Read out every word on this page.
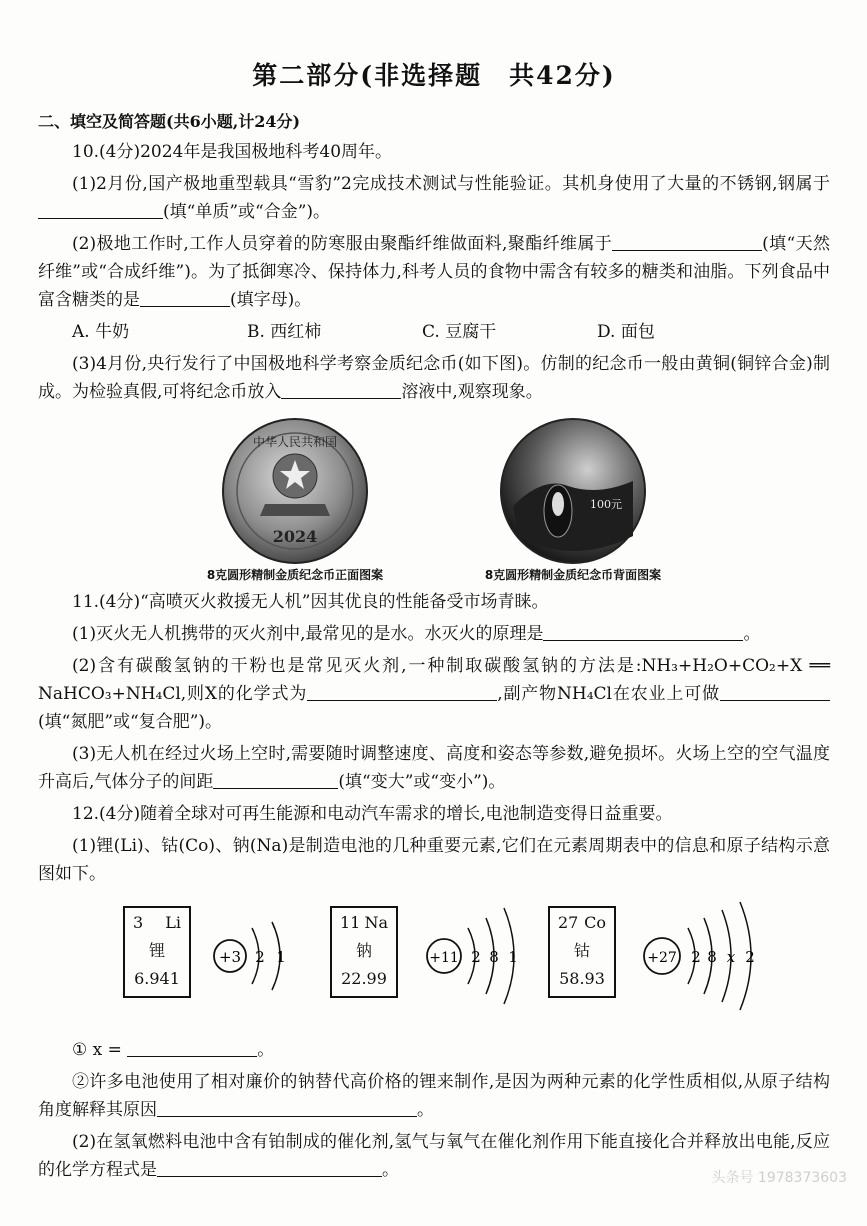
第二部分(非选择题　共42分)
二、填空及简答题(共6小题,计24分)

10.(4分)2024年是我国极地科考40周年。

(1)2月份,国产极地重型载具“雪豹”2完成技术测试与性能验证。其机身使用了大量的不锈钢,钢属于(填“单质”或“合金”)。

(2)极地工作时,工作人员穿着的防寒服由聚酯纤维做面料,聚酯纤维属于	(填“天然纤维”或“合成纤维”)。为了抵御寒冷、保持体力,科考人员的食物中需含有较多的糖类和油脂。下列食品中富含糖类的是	(填字母)。

A. 牛奶	B. 西红柿	C. 豆腐干	D. 面包

(3)4月份,央行发行了中国极地科学考察金质纪念币(如下图)。仿制的纪念币一般由黄铜(铜锌合金)制成。为检验真假,可将纪念币放入	溶液中,观察现象。

2024
中华人民共和国
8克圆形精制金质纪念币正面图案
100元
8克圆形精制金质纪念币背面图案

11.(4分)“高喷灭火救援无人机”因其优良的性能备受市场青睐。

(1)灭火无人机携带的灭火剂中,最常见的是水。水灭火的原理是	。

(2)含有碳酸氢钠的干粉也是常见灭火剂,一种制取碳酸氢钠的方法是:NH₃+H₂O+CO₂+X ══ NaHCO₃+NH₄Cl,则X的化学式为	,副产物NH₄Cl在农业上可做(填“氮肥”或“复合肥”)。

(3)无人机在经过火场上空时,需要随时调整速度、高度和姿态等参数,避免损坏。火场上空的空气温度升高后,气体分子的间距	(填“变大”或“变小”)。

12.(4分)随着全球对可再生能源和电动汽车需求的增长,电池制造变得日益重要。

(1)锂(Li)、钴(Co)、钠(Na)是制造电池的几种重要元素,它们在元素周期表中的信息和原子结构示意图如下。

3 Li
锂
6.941
+3 2 1
11 Na
钠
22.99
+11 2 8 1
27 Co
钴
58.93
+27 2 8 x 2

① x =	。

②许多电池使用了相对廉价的钠替代高价格的锂来制作,是因为两种元素的化学性质相似,从原子结构角度解释其原因	。

(2)在氢氧燃料电池中含有铂制成的催化剂,氢气与氧气在催化剂作用下能直接化合并释放出电能,反应的化学方程式是	。	头条号 1978373603
